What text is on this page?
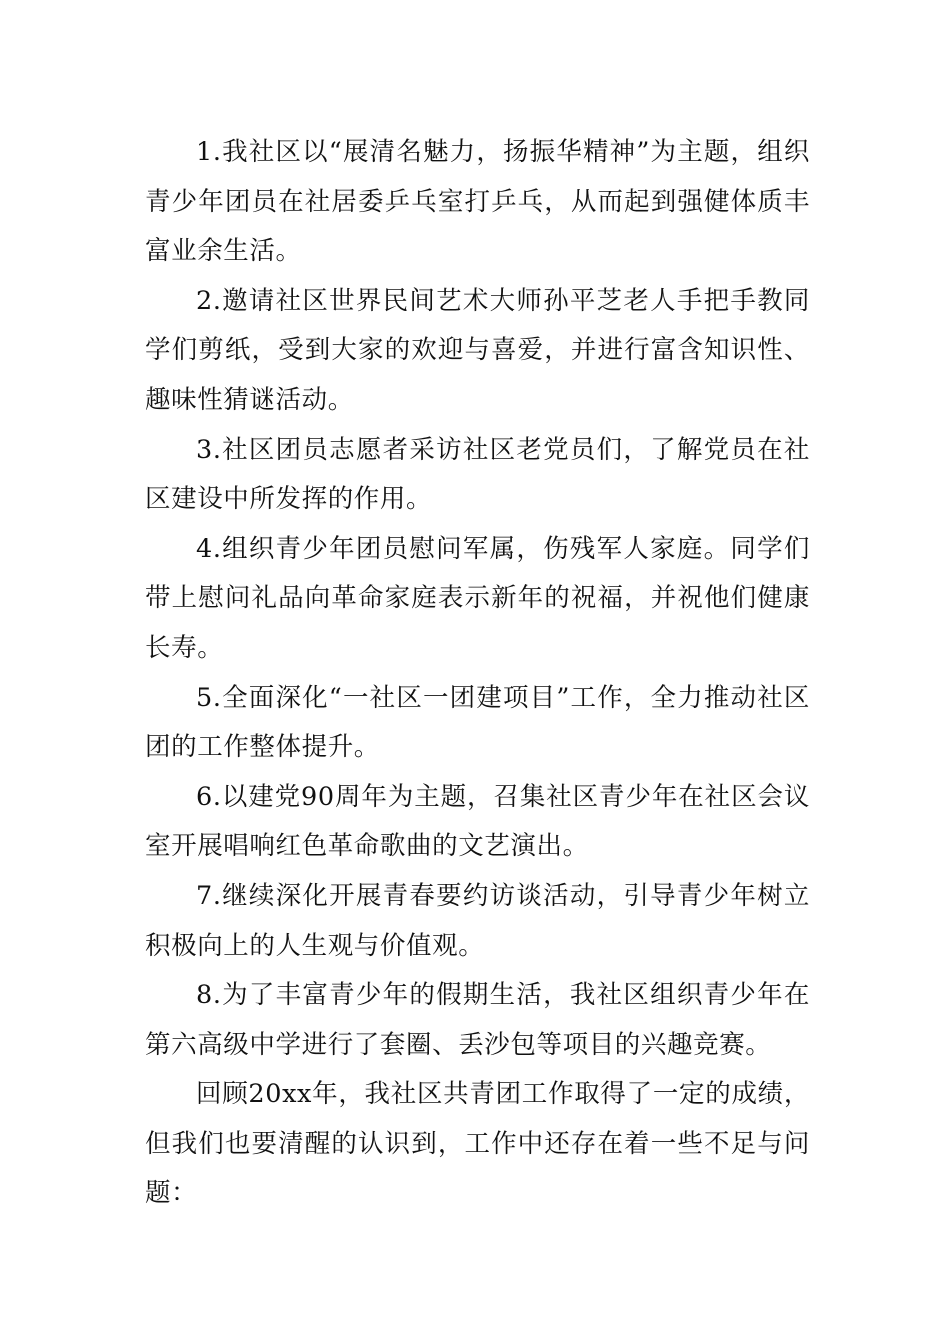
1.我社区以“展清名魅力，扬振华精神”为主题，组织青少年团员在社居委乒乓室打乒乓，从而起到强健体质丰富业余生活。

2.邀请社区世界民间艺术大师孙平芝老人手把手教同学们剪纸，受到大家的欢迎与喜爱，并进行富含知识性、趣味性猜谜活动。

3.社区团员志愿者采访社区老党员们，了解党员在社区建设中所发挥的作用。

4.组织青少年团员慰问军属，伤残军人家庭。同学们带上慰问礼品向革命家庭表示新年的祝福，并祝他们健康长寿。

5.全面深化“一社区一团建项目”工作，全力推动社区团的工作整体提升。

6.以建党90周年为主题，召集社区青少年在社区会议室开展唱响红色革命歌曲的文艺演出。

7.继续深化开展青春要约访谈活动，引导青少年树立积极向上的人生观与价值观。

8.为了丰富青少年的假期生活，我社区组织青少年在第六高级中学进行了套圈、丢沙包等项目的兴趣竞赛。

回顾20xx年，我社区共青团工作取得了一定的成绩，但我们也要清醒的认识到，工作中还存在着一些不足与问题：
